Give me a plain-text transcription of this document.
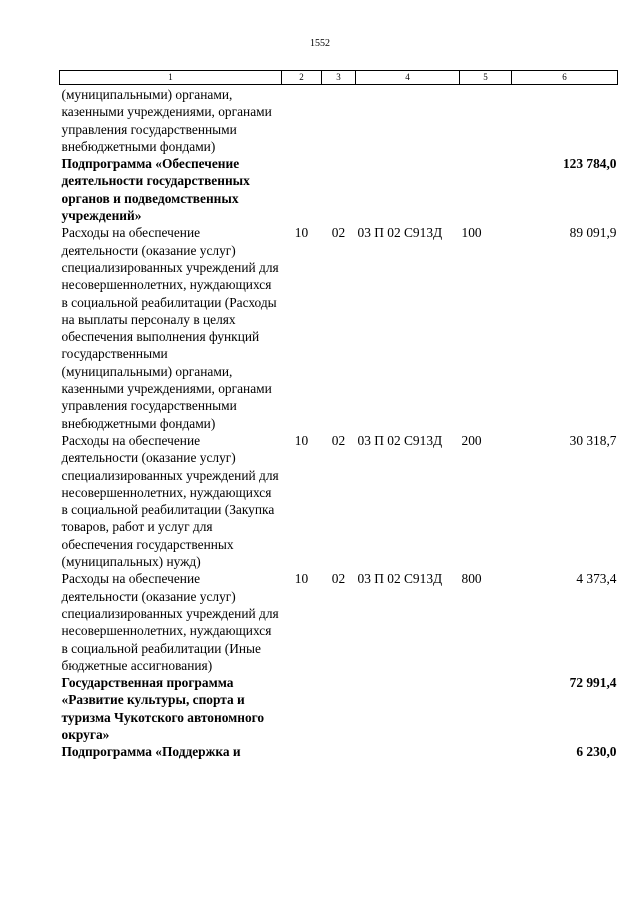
1552
1	2	3	4	5	6
(муниципальными) органами, казенными учреждениями, органами управления государственными внебюджетными фондами)					
Подпрограмма «Обеспечение деятельности государственных органов и подведомственных учреждений»					123 784,0
Расходы на обеспечение деятельности (оказание услуг) специализированных учреждений для несовершеннолетних, нуждающихся в социальной реабилитации (Расходы на выплаты персоналу в целях обеспечения выполнения функций государственными (муниципальными) органами, казенными учреждениями, органами управления государственными внебюджетными фондами)	10	02	03 П 02 С913Д	100	89 091,9
Расходы на обеспечение деятельности (оказание услуг) специализированных учреждений для несовершеннолетних, нуждающихся в социальной реабилитации (Закупка товаров, работ и услуг для обеспечения государственных (муниципальных) нужд)	10	02	03 П 02 С913Д	200	30 318,7
Расходы на обеспечение деятельности (оказание услуг) специализированных учреждений для несовершеннолетних, нуждающихся в социальной реабилитации (Иные бюджетные ассигнования)	10	02	03 П 02 С913Д	800	4 373,4
Государственная программа «Развитие культуры, спорта и туризма Чукотского автономного округа»					72 991,4
Подпрограмма «Поддержка и					6 230,0
